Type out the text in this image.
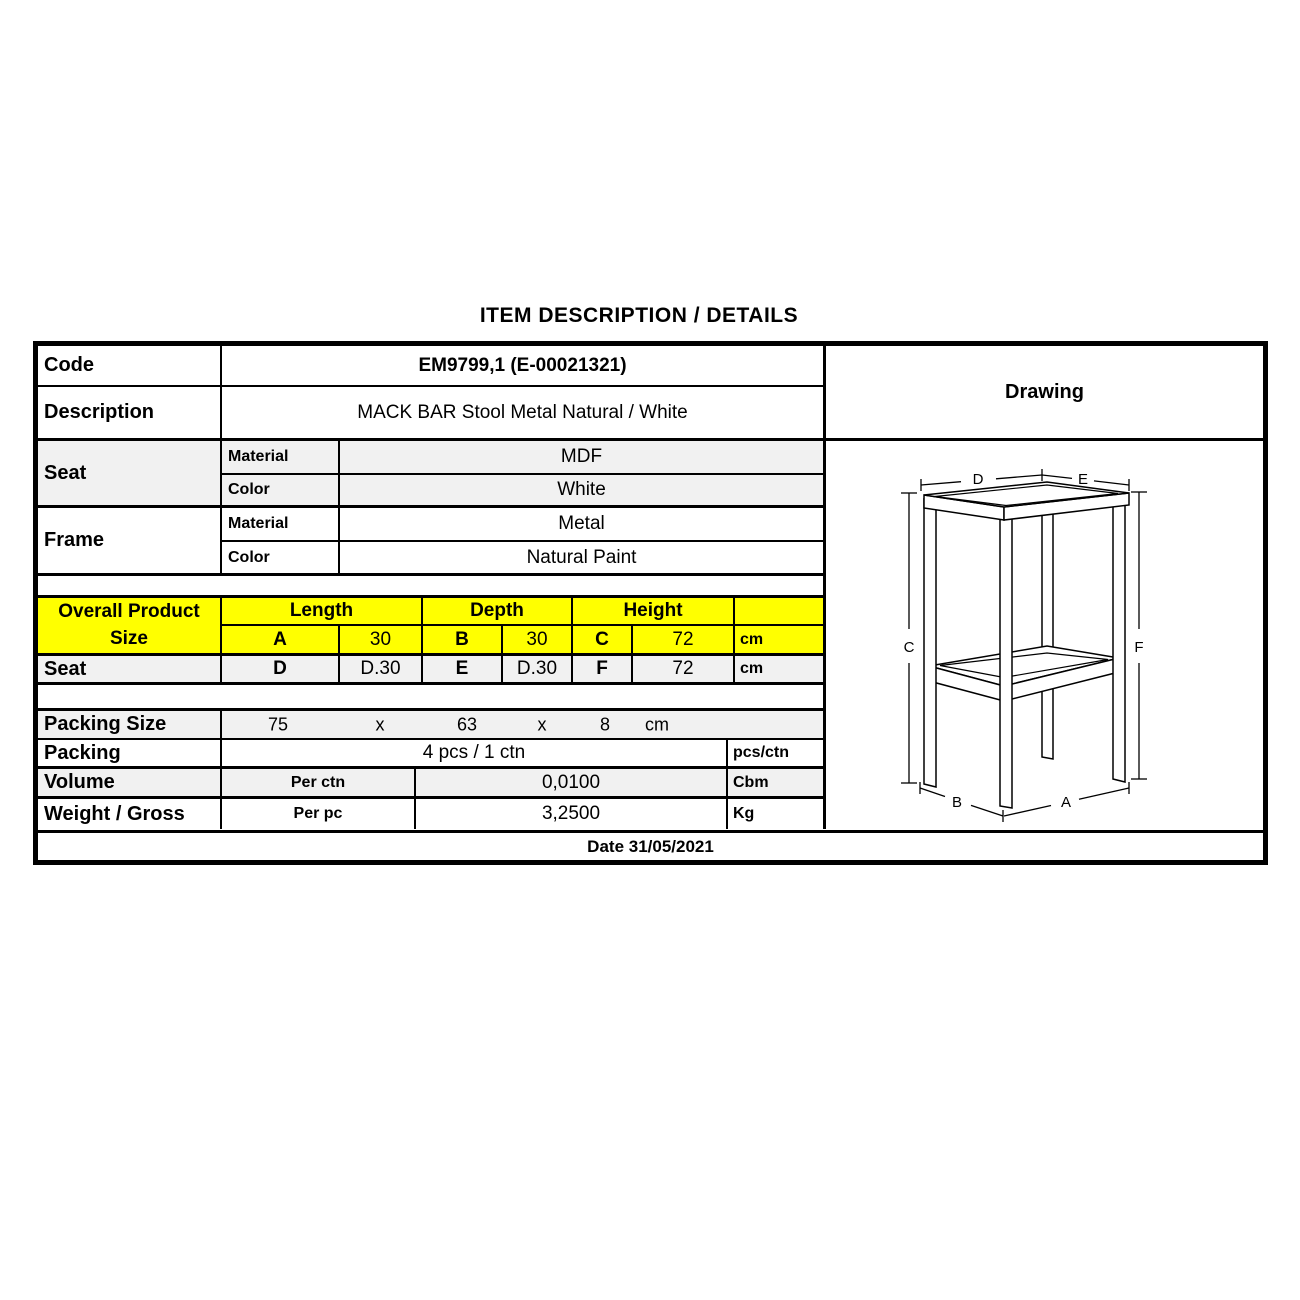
ITEM DESCRIPTION / DETAILS
Code	EM9799,1 (E-00021321)
Description	MACK BAR Stool Metal Natural / White
Seat
Material	MDF
Color	White
Frame
Material	Metal
Color	Natural Paint
Overall Product
Size
Length	Depth	Height
A	30	B	30	C	72	cm
Seat	D	D.30	E	D.30	F	72	cm
Packing Size	75	x	63	x	8 cm
Packing	4 pcs / 1 ctn	pcs/ctn
Volume	Per ctn	0,0100	Cbm
Weight / Gross	Per pc	3,2500	Kg
Drawing
C	F
D	E
B	A
Date 31/05/2021
